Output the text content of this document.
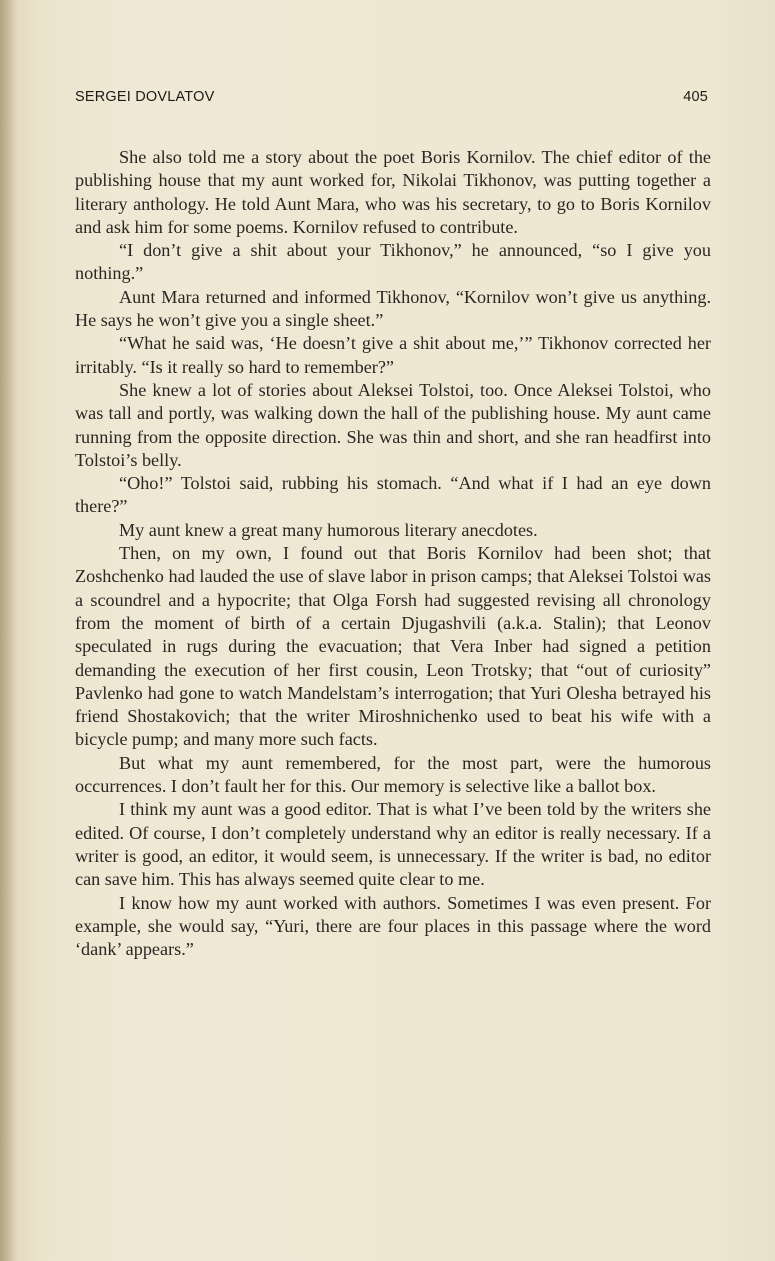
SERGEI DOVLATOV	405

She also told me a story about the poet Boris Kornilov. The chief editor of the publishing house that my aunt worked for, Nikolai Tikhonov, was putting together a literary anthology. He told Aunt Mara, who was his secretary, to go to Boris Kornilov and ask him for some poems. Kornilov refused to contribute.

“I don’t give a shit about your Tikhonov,” he announced, “so I give you nothing.”

Aunt Mara returned and informed Tikhonov, “Kornilov won’t give us anything. He says he won’t give you a single sheet.”

“What he said was, ‘He doesn’t give a shit about me,’” Tikhonov corrected her irritably. “Is it really so hard to remember?”

She knew a lot of stories about Aleksei Tolstoi, too. Once Aleksei Tolstoi, who was tall and portly, was walking down the hall of the publishing house. My aunt came running from the opposite direction. She was thin and short, and she ran headfirst into Tolstoi’s belly.

“Oho!” Tolstoi said, rubbing his stomach. “And what if I had an eye down there?”

My aunt knew a great many humorous literary anecdotes.

Then, on my own, I found out that Boris Kornilov had been shot; that Zoshchenko had lauded the use of slave labor in prison camps; that Aleksei Tolstoi was a scoundrel and a hypocrite; that Olga Forsh had suggested revising all chronology from the moment of birth of a certain Djugashvili (a.k.a. Stalin); that Leonov speculated in rugs during the evacuation; that Vera Inber had signed a petition demanding the execution of her first cousin, Leon Trotsky; that “out of curiosity” Pavlenko had gone to watch Mandelstam’s interrogation; that Yuri Olesha betrayed his friend Shostakovich; that the writer Miroshnichenko used to beat his wife with a bicycle pump; and many more such facts.

But what my aunt remembered, for the most part, were the humorous occurrences. I don’t fault her for this. Our memory is selective like a ballot box.

I think my aunt was a good editor. That is what I’ve been told by the writers she edited. Of course, I don’t completely understand why an editor is really necessary. If a writer is good, an editor, it would seem, is unnecessary. If the writer is bad, no editor can save him. This has always seemed quite clear to me.

I know how my aunt worked with authors. Sometimes I was even present. For example, she would say, “Yuri, there are four places in this passage where the word ‘dank’ appears.”
